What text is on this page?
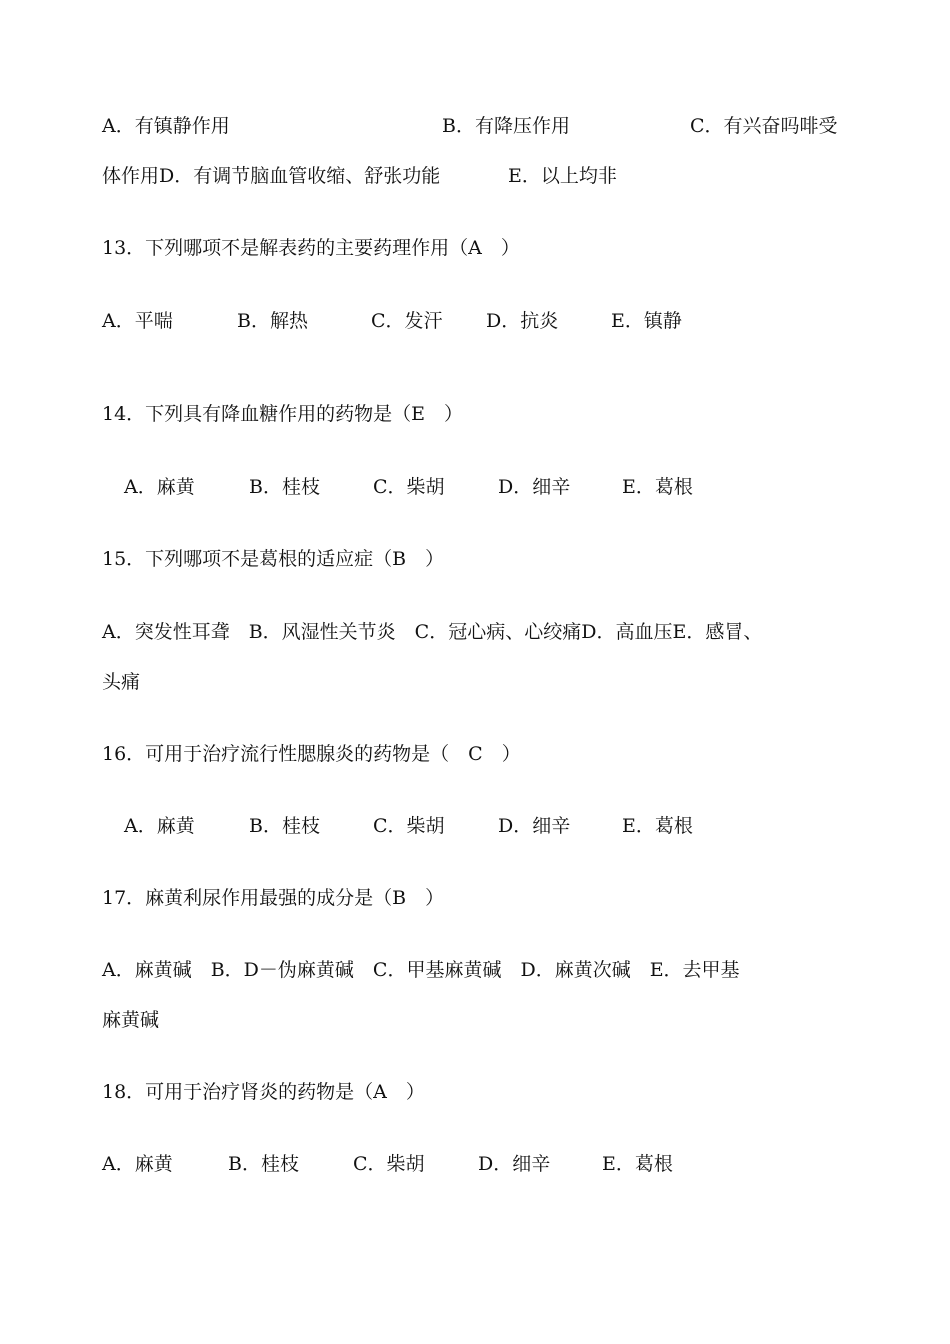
A．有镇静作用	B．有降压作用	C．有兴奋吗啡受
体作用D．有调节脑血管收缩、舒张功能	E．以上均非
13．下列哪项不是解表药的主要药理作用（A　）
A．平喘	B．解热	C．发汗 D．抗炎	E．镇静
14．下列具有降血糖作用的药物是（E　）
A．麻黄	B．桂枝	C．柴胡	D．细辛	E．葛根
15．下列哪项不是葛根的适应症（B　）
A．突发性耳聋　B．风湿性关节炎　C．冠心病、心绞痛D．高血压E．感冒、
头痛
16．可用于治疗流行性腮腺炎的药物是（　C　）
A．麻黄	B．桂枝	C．柴胡	D．细辛	E．葛根
17．麻黄利尿作用最强的成分是（B　）
A．麻黄碱　B．D－伪麻黄碱　C．甲基麻黄碱　D．麻黄次碱　E．去甲基
麻黄碱
18．可用于治疗肾炎的药物是（A　）
A．麻黄	B．桂枝	C．柴胡	D．细辛	E．葛根
